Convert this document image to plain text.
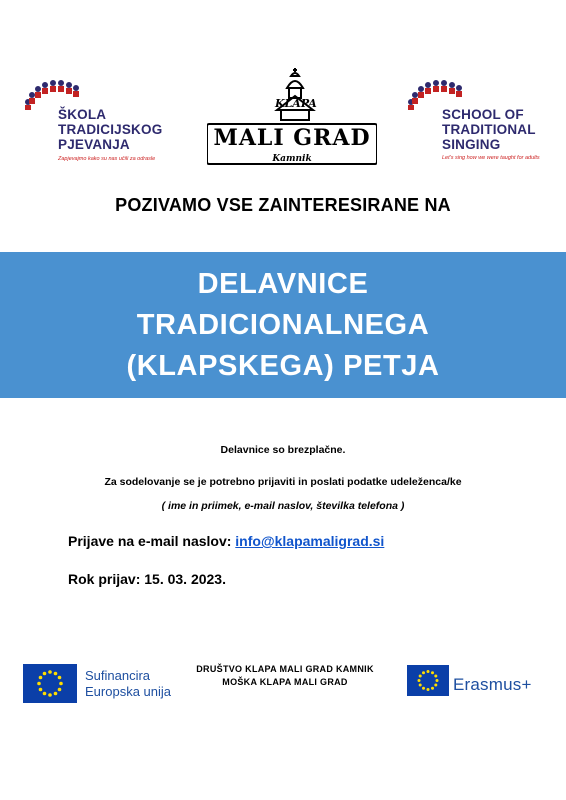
ŠKOLA
TRADICIJSKOG
PJEVANJA
Zapjevajmo kako su nas učili za odrasle
KLAPA
MALI GRAD
Kamnik
SCHOOL OF
TRADITIONAL
SINGING
Let's sing how we were taught for adults
POZIVAMO VSE ZAINTERESIRANE NA
DELAVNICE
TRADICIONALNEGA
(KLAPSKEGA) PETJA
Delavnice so brezplačne.
Za sodelovanje se je potrebno prijaviti in poslati podatke udeleženca/ke
( ime in priimek, e-mail naslov, številka telefona )
Prijave na e-mail naslov: info@klapamaligrad.si
Rok prijav: 15. 03. 2023.
Sufinancira
Europska unija
DRUŠTVO KLAPA MALI GRAD KAMNIK
MOŠKA KLAPA MALI GRAD	Erasmus+
